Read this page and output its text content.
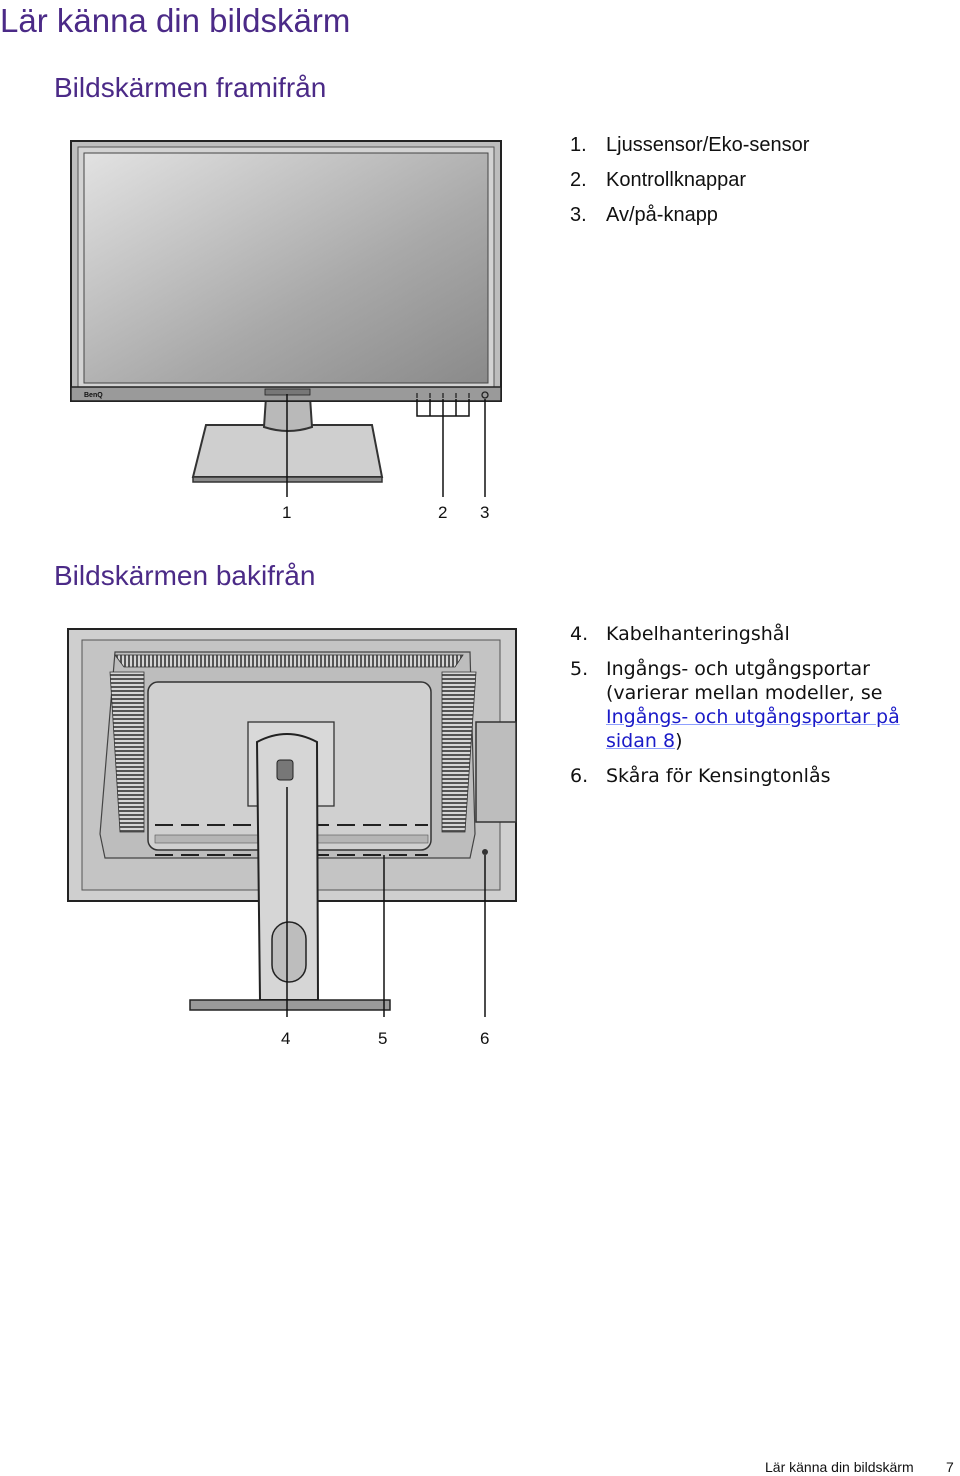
Lär känna din bildskärm
Bildskärmen framifrån
1. Ljussensor/Eko-sensor
2. Kontrollknappar
3. Av/på-knapp
BenQ
1	2 3
Bildskärmen bakifrån
4. Kabelhanteringshål
5. Ingångs- och utgångsportar (varierar mellan modeller, se Ingångs- och utgångsportar på sidan 8)
6. Skåra för Kensingtonlås
4	5	6
Lär känna din bildskärm 7
